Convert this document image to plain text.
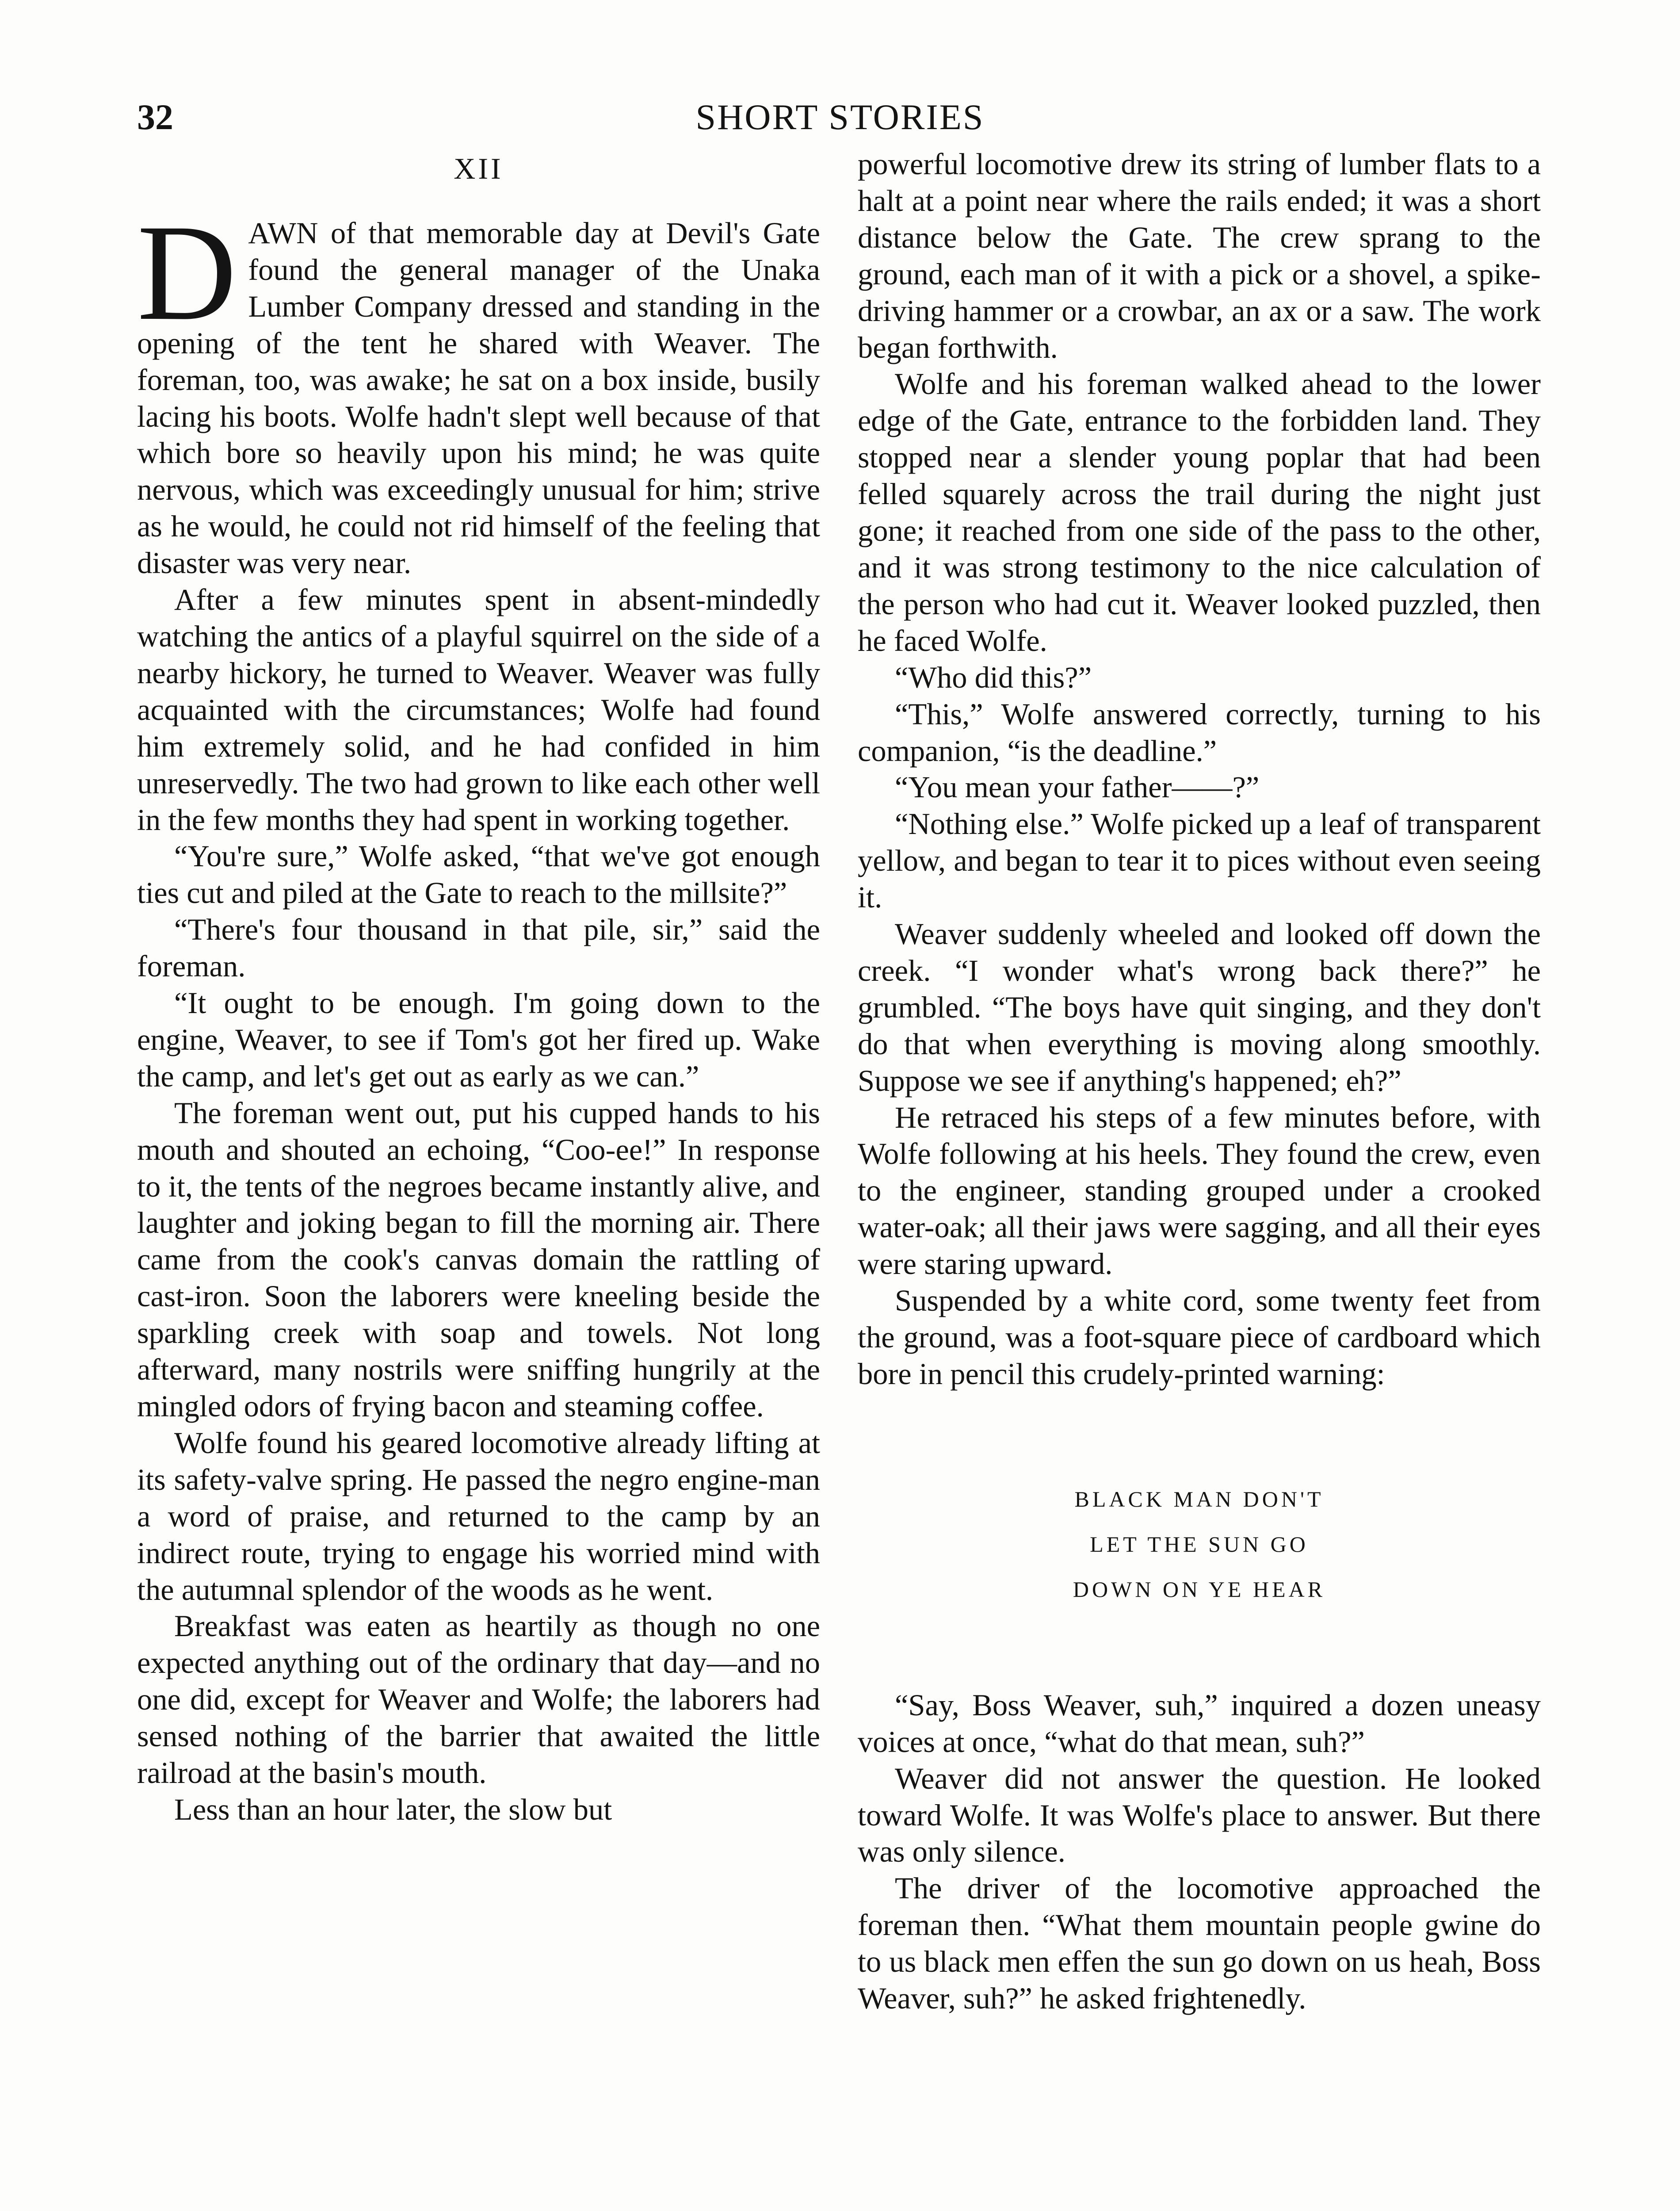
32	SHORT STORIES
XII

DAWN of that memorable day at Devil's Gate found the general manager of the Unaka Lumber Company dressed and standing in the opening of the tent he shared with Weaver. The foreman, too, was awake; he sat on a box inside, busily lacing his boots. Wolfe hadn't slept well because of that which bore so heavily upon his mind; he was quite nervous, which was exceedingly unusual for him; strive as he would, he could not rid himself of the feeling that disaster was very near.

After a few minutes spent in absent-mindedly watching the antics of a playful squirrel on the side of a nearby hickory, he turned to Weaver. Weaver was fully acquainted with the circumstances; Wolfe had found him extremely solid, and he had confided in him unreservedly. The two had grown to like each other well in the few months they had spent in working together.

“You're sure,” Wolfe asked, “that we've got enough ties cut and piled at the Gate to reach to the millsite?”

“There's four thousand in that pile, sir,” said the foreman.

“It ought to be enough. I'm going down to the engine, Weaver, to see if Tom's got her fired up. Wake the camp, and let's get out as early as we can.”

The foreman went out, put his cupped hands to his mouth and shouted an echoing, “Coo-ee!” In response to it, the tents of the negroes became instantly alive, and laughter and joking began to fill the morning air. There came from the cook's canvas domain the rattling of cast-iron. Soon the laborers were kneeling beside the sparkling creek with soap and towels. Not long afterward, many nostrils were sniffing hungrily at the mingled odors of frying bacon and steaming coffee.

Wolfe found his geared locomotive already lifting at its safety-valve spring. He passed the negro engine-man a word of praise, and returned to the camp by an indirect route, trying to engage his worried mind with the autumnal splendor of the woods as he went.

Breakfast was eaten as heartily as though no one expected anything out of the ordinary that day—and no one did, except for Weaver and Wolfe; the laborers had sensed nothing of the barrier that awaited the little railroad at the basin's mouth.

Less than an hour later, the slow but

powerful locomotive drew its string of lumber flats to a halt at a point near where the rails ended; it was a short distance below the Gate. The crew sprang to the ground, each man of it with a pick or a shovel, a spike-driving hammer or a crowbar, an ax or a saw. The work began forthwith.

Wolfe and his foreman walked ahead to the lower edge of the Gate, entrance to the forbidden land. They stopped near a slender young poplar that had been felled squarely across the trail during the night just gone; it reached from one side of the pass to the other, and it was strong testimony to the nice calculation of the person who had cut it. Weaver looked puzzled, then he faced Wolfe.

“Who did this?”

“This,” Wolfe answered correctly, turning to his companion, “is the deadline.”

“You mean your father——?”

“Nothing else.” Wolfe picked up a leaf of transparent yellow, and began to tear it to pices without even seeing it.

Weaver suddenly wheeled and looked off down the creek. “I wonder what's wrong back there?” he grumbled. “The boys have quit singing, and they don't do that when everything is moving along smoothly. Suppose we see if anything's happened; eh?”

He retraced his steps of a few minutes before, with Wolfe following at his heels. They found the crew, even to the engineer, standing grouped under a crooked water-oak; all their jaws were sagging, and all their eyes were staring upward.

Suspended by a white cord, some twenty feet from the ground, was a foot-square piece of cardboard which bore in pencil this crudely-printed warning:

BLACK MAN DON'T
LET THE SUN GO
DOWN ON YE HEAR

“Say, Boss Weaver, suh,” inquired a dozen uneasy voices at once, “what do that mean, suh?”

Weaver did not answer the question. He looked toward Wolfe. It was Wolfe's place to answer. But there was only silence.

The driver of the locomotive approached the foreman then. “What them mountain people gwine do to us black men effen the sun go down on us heah, Boss Weaver, suh?” he asked frightenedly.
